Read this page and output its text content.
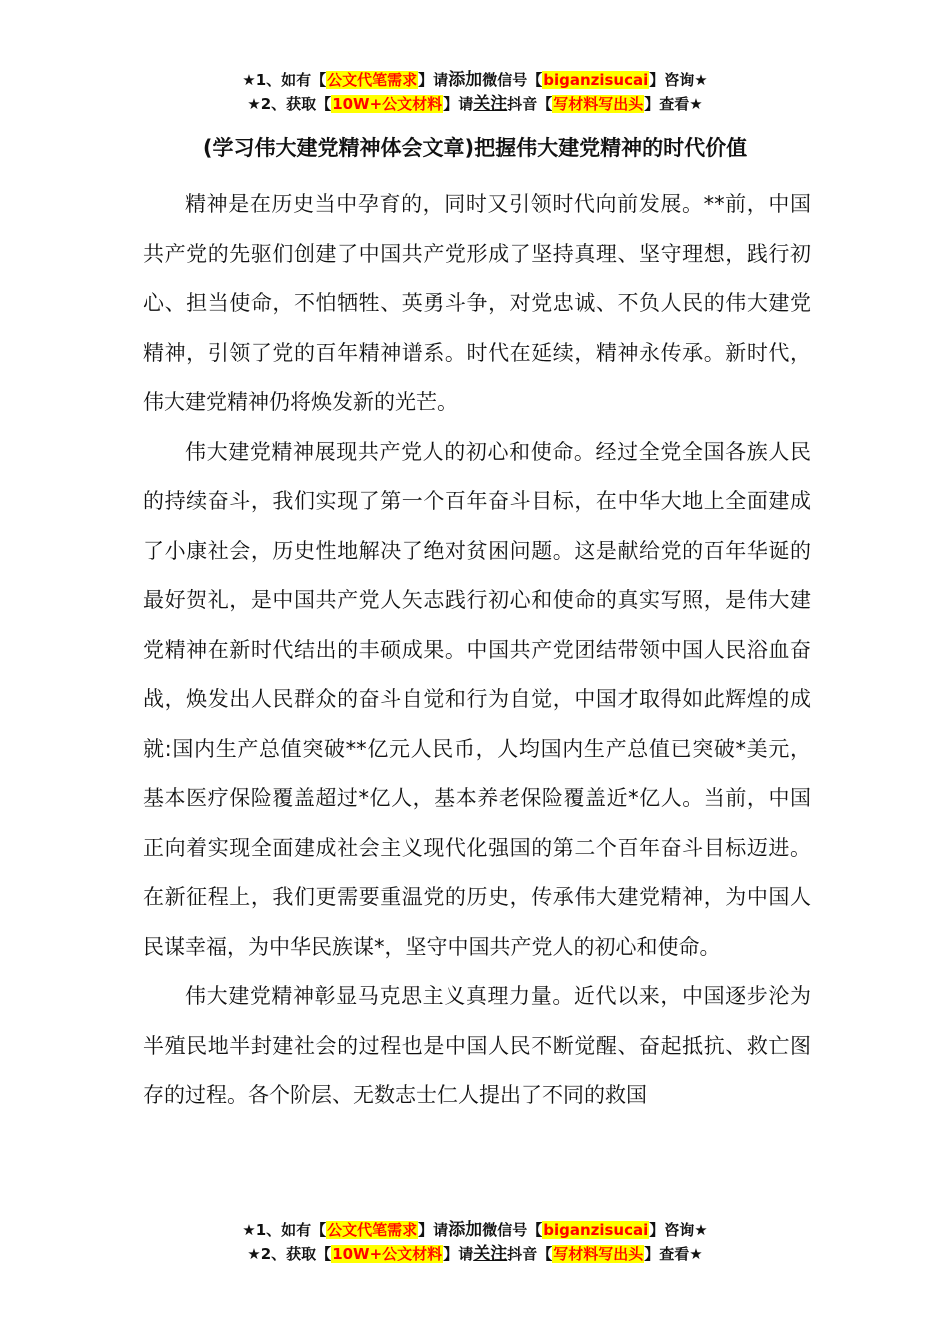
★1、如有【公文代笔需求】请添加微信号【biganzisucai】咨询★
★2、获取【10W+公文材料】请关注抖音【写材料写出头】查看★
(学习伟大建党精神体会文章)把握伟大建党精神的时代价值

精神是在历史当中孕育的，同时又引领时代向前发展。**前，中国共产党的先驱们创建了中国共产党形成了坚持真理、坚守理想，践行初心、担当使命，不怕牺牲、英勇斗争，对党忠诚、不负人民的伟大建党精神，引领了党的百年精神谱系。时代在延续，精神永传承。新时代，伟大建党精神仍将焕发新的光芒。

伟大建党精神展现共产党人的初心和使命。经过全党全国各族人民的持续奋斗，我们实现了第一个百年奋斗目标，在中华大地上全面建成了小康社会，历史性地解决了绝对贫困问题。这是献给党的百年华诞的最好贺礼，是中国共产党人矢志践行初心和使命的真实写照，是伟大建党精神在新时代结出的丰硕成果。中国共产党团结带领中国人民浴血奋战，焕发出人民群众的奋斗自觉和行为自觉，中国才取得如此辉煌的成就:国内生产总值突破**亿元人民币，人均国内生产总值已突破*美元，基本医疗保险覆盖超过*亿人，基本养老保险覆盖近*亿人。当前，中国正向着实现全面建成社会主义现代化强国的第二个百年奋斗目标迈进。在新征程上，我们更需要重温党的历史，传承伟大建党精神，为中国人民谋幸福，为中华民族谋*，坚守中国共产党人的初心和使命。

伟大建党精神彰显马克思主义真理力量。近代以来，中国逐步沦为半殖民地半封建社会的过程也是中国人民不断觉醒、奋起抵抗、救亡图存的过程。各个阶层、无数志士仁人提出了不同的救国

★1、如有【公文代笔需求】请添加微信号【biganzisucai】咨询★
★2、获取【10W+公文材料】请关注抖音【写材料写出头】查看★
